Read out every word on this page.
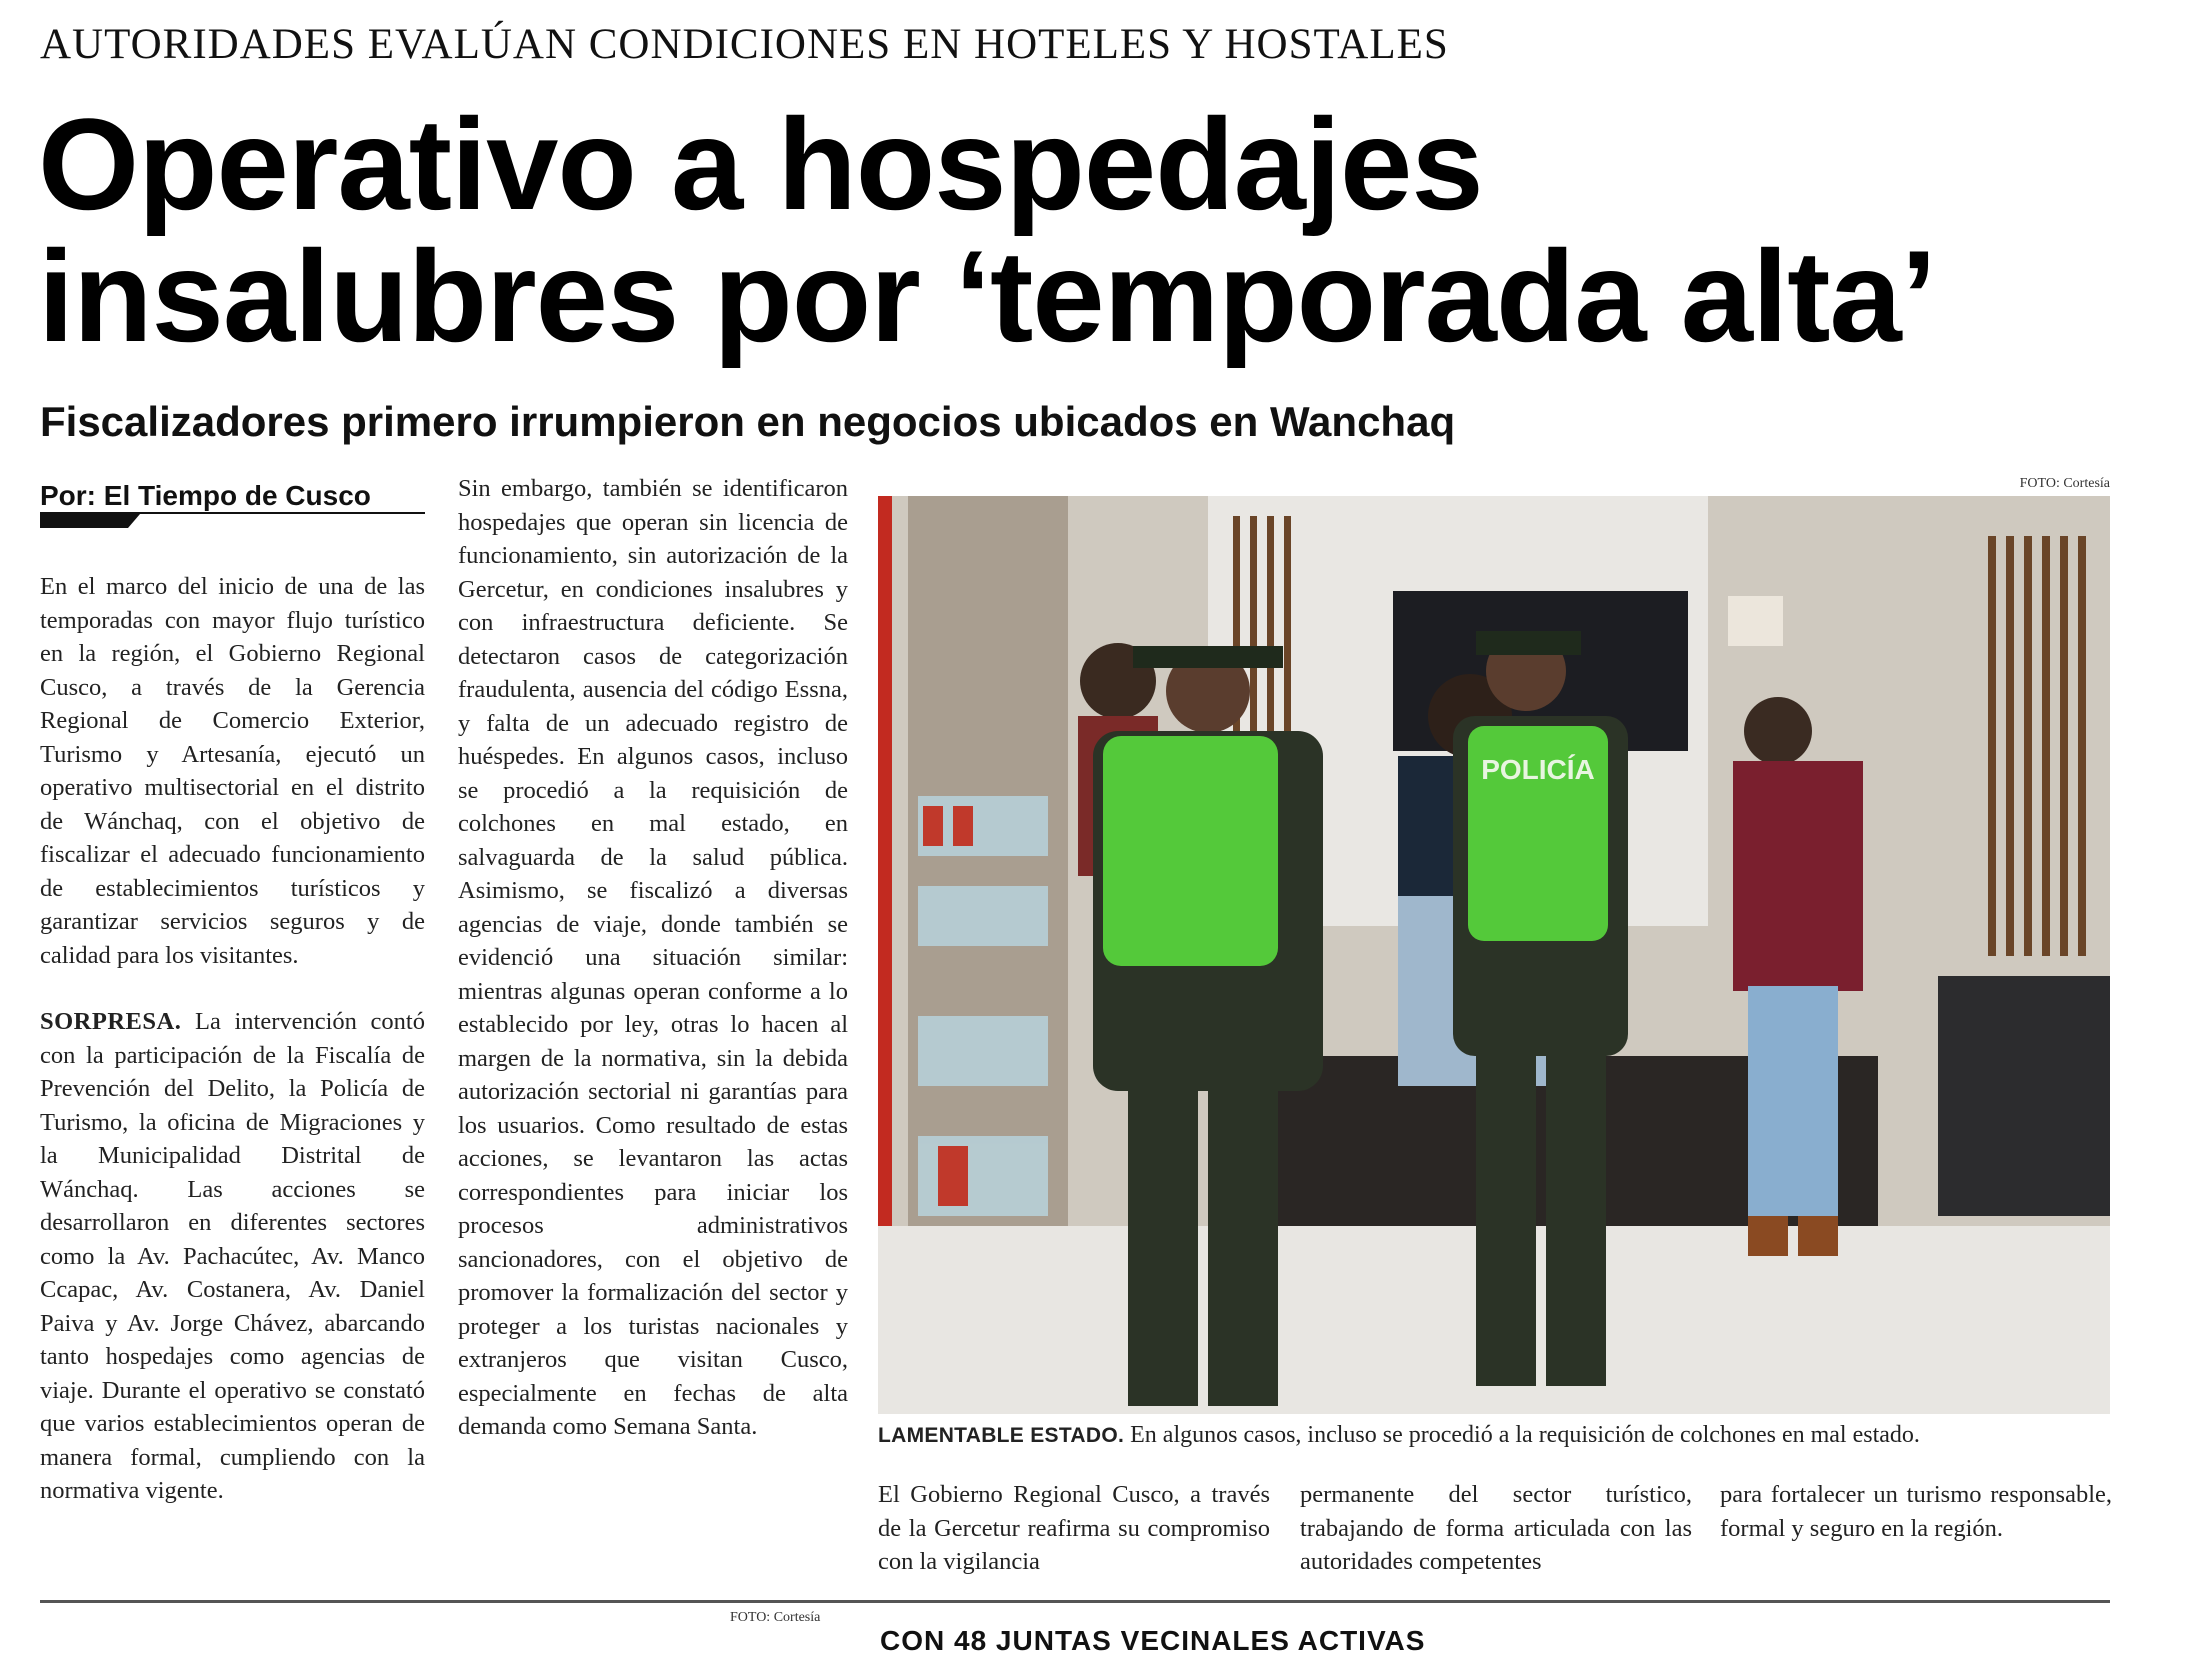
AUTORIDADES EVALÚAN CONDICIONES EN HOTELES Y HOSTALES
Operativo a hospedajes
insalubres por ‘temporada alta’
Fiscalizadores primero irrumpieron en negocios ubicados en Wanchaq
Por: El Tiempo de Cusco

En el marco del inicio de una de las temporadas con mayor flujo turístico en la región, el Gobierno Regional Cusco, a través de la Gerencia Regional de Comercio Exterior, Turismo y Artesanía, ejecutó un operativo multisectorial en el distrito de Wánchaq, con el objetivo de fiscalizar el adecuado funcionamiento de establecimientos turísticos y garantizar servicios seguros y de calidad para los visitantes.

SORPRESA. La intervención contó con la participación de la Fiscalía de Prevención del Delito, la Policía de Turismo, la oficina de Migraciones y la Municipalidad Distrital de Wánchaq. Las acciones se desarrollaron en diferentes sectores como la Av. Pachacútec, Av. Manco Ccapac, Av. Costanera, Av. Daniel Paiva y Av. Jorge Chávez, abarcando tanto hospedajes como agencias de viaje. Durante el operativo se constató que varios establecimientos operan de manera formal, cumpliendo con la normativa vigente.

Sin embargo, también se identificaron hospedajes que operan sin licencia de funcionamiento, sin autorización de la Gercetur, en condiciones insalubres y con infraestructura deficiente. Se detectaron casos de categorización fraudulenta, ausencia del código Essna, y falta de un adecuado registro de huéspedes. En algunos casos, incluso se procedió a la requisición de colchones en mal estado, en salvaguarda de la salud pública. Asimismo, se fiscalizó a diversas agencias de viaje, donde también se evidenció una situación similar: mientras algunas operan conforme a lo establecido por ley, otras lo hacen al margen de la normativa, sin la debida autorización sectorial ni garantías para los usuarios. Como resultado de estas acciones, se levantaron las actas correspondientes para iniciar los procesos administrativos sancionadores, con el objetivo de promover la formalización del sector y proteger a los turistas nacionales y extranjeros que visitan Cusco, especialmente en fechas de alta demanda como Semana Santa.

FOTO: Cortesía
POLICÍA
LAMENTABLE ESTADO. En algunos casos, incluso se procedió a la requisición de colchones en mal estado.
El Gobierno Regional Cusco, a través de la Gercetur reafirma su compromiso con la vigilancia
permanente del sector turístico, trabajando de forma articulada con las autoridades competentes
para fortalecer un turismo responsable, formal y seguro en la región.
FOTO: Cortesía
CON 48 JUNTAS VECINALES ACTIVAS
